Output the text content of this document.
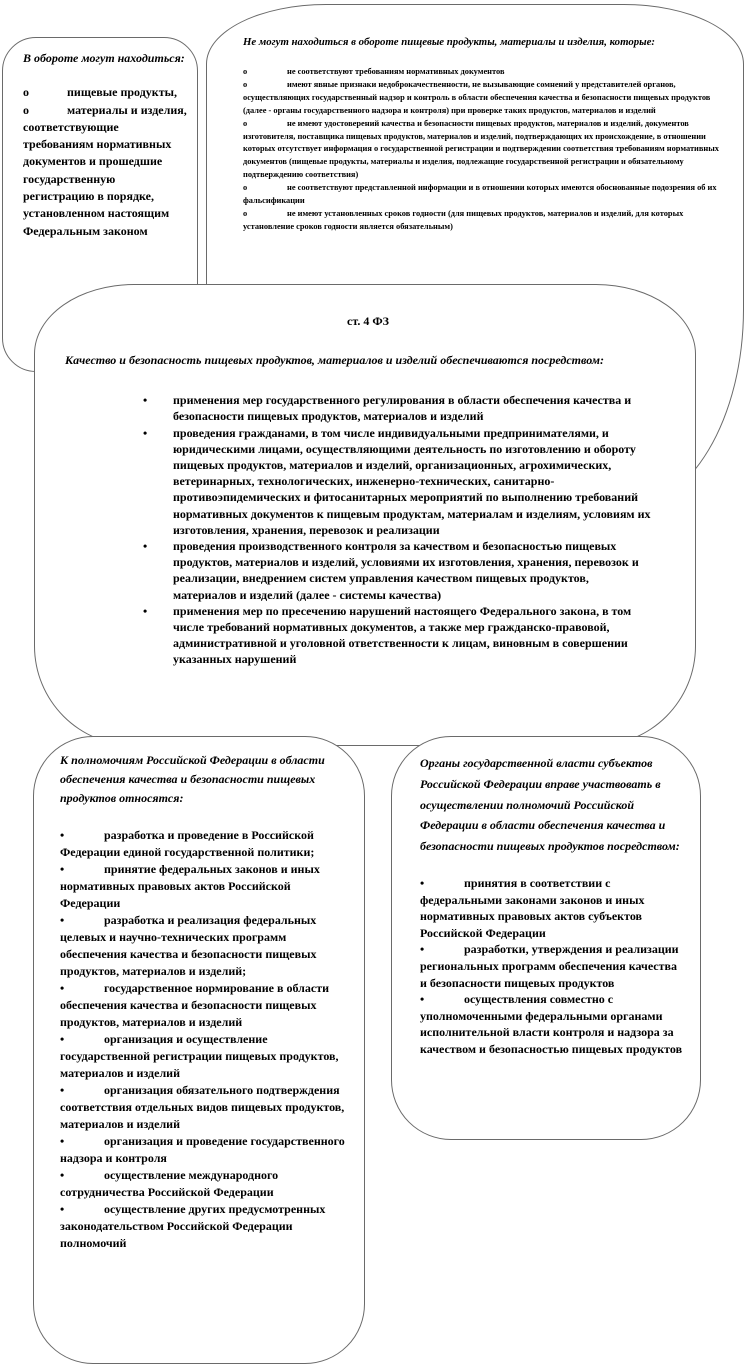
В обороте могут находиться:
o	пищевые продукты,
o	материалы и изделия, соответствующие требованиям нормативных документов и прошедшие государственную регистрацию в порядке, установленном настоящим Федеральным законом
Не могут находиться в обороте пищевые продукты, материалы и изделия, которые:
o	не соответствуют требованиям нормативных документов
o	имеют явные признаки недоброкачественности, не вызывающие сомнений у представителей органов, осуществляющих государственный надзор и контроль в области обеспечения качества и безопасности пищевых продуктов (далее - органы государственного надзора и контроля) при проверке таких продуктов, материалов и изделий
o	не имеют удостоверений качества и безопасности пищевых продуктов, материалов и изделий, документов изготовителя, поставщика пищевых продуктов, материалов и изделий, подтверждающих их происхождение, в отношении которых отсутствует информация о государственной регистрации и подтверждении соответствия требованиям нормативных документов (пищевые продукты, материалы и изделия, подлежащие государственной регистрации и обязательному подтверждению соответствия)
o	не соответствуют представленной информации и в отношении которых имеются обоснованные подозрения об их фальсификации
o	не имеют установленных сроков годности (для пищевых продуктов, материалов и изделий, для которых установление сроков годности является обязательным)
ст. 4 ФЗ
Качество и безопасность пищевых продуктов, материалов и изделий обеспечиваются посредством:
• применения мер государственного регулирования в области обеспечения качества и безопасности пищевых продуктов, материалов и изделий
• проведения гражданами, в том числе индивидуальными предпринимателями, и юридическими лицами, осуществляющими деятельность по изготовлению и обороту пищевых продуктов, материалов и изделий, организационных, агрохимических, ветеринарных, технологических, инженерно-технических, санитарно-противоэпидемических и фитосанитарных мероприятий по выполнению требований нормативных документов к пищевым продуктам, материалам и изделиям, условиям их изготовления, хранения, перевозок и реализации
• проведения производственного контроля за качеством и безопасностью пищевых продуктов, материалов и изделий, условиями их изготовления, хранения, перевозок и реализации, внедрением систем управления качеством пищевых продуктов, материалов и изделий (далее - системы качества)
• применения мер по пресечению нарушений настоящего Федерального закона, в том числе требований нормативных документов, а также мер гражданско-правовой, административной и уголовной ответственности к лицам, виновным в совершении указанных нарушений
К полномочиям Российской Федерации в области обеспечения качества и безопасности пищевых продуктов относятся:
•	разработка и проведение в Российской Федерации единой государственной политики;
•	принятие федеральных законов и иных нормативных правовых актов Российской Федерации
•	разработка и реализация федеральных целевых и научно-технических программ обеспечения качества и безопасности пищевых продуктов, материалов и изделий;
•	государственное нормирование в области обеспечения качества и безопасности пищевых продуктов, материалов и изделий
•	организация и осуществление государственной регистрации пищевых продуктов, материалов и изделий
•	организация обязательного подтверждения соответствия отдельных видов пищевых продуктов, материалов и изделий
•	организация и проведение государственного надзора и контроля
•	осуществление международного сотрудничества Российской Федерации
•	осуществление других предусмотренных законодательством Российской Федерации полномочий
Органы государственной власти субъектов Российской Федерации вправе участвовать в осуществлении полномочий Российской Федерации в области обеспечения качества и безопасности пищевых продуктов посредством:
•	принятия в соответствии с федеральными законами законов и иных нормативных правовых актов субъектов Российской Федерации
•	разработки, утверждения и реализации региональных программ обеспечения качества и безопасности пищевых продуктов
•	осуществления совместно с уполномоченными федеральными органами исполнительной власти контроля и надзора за качеством и безопасностью пищевых продуктов
